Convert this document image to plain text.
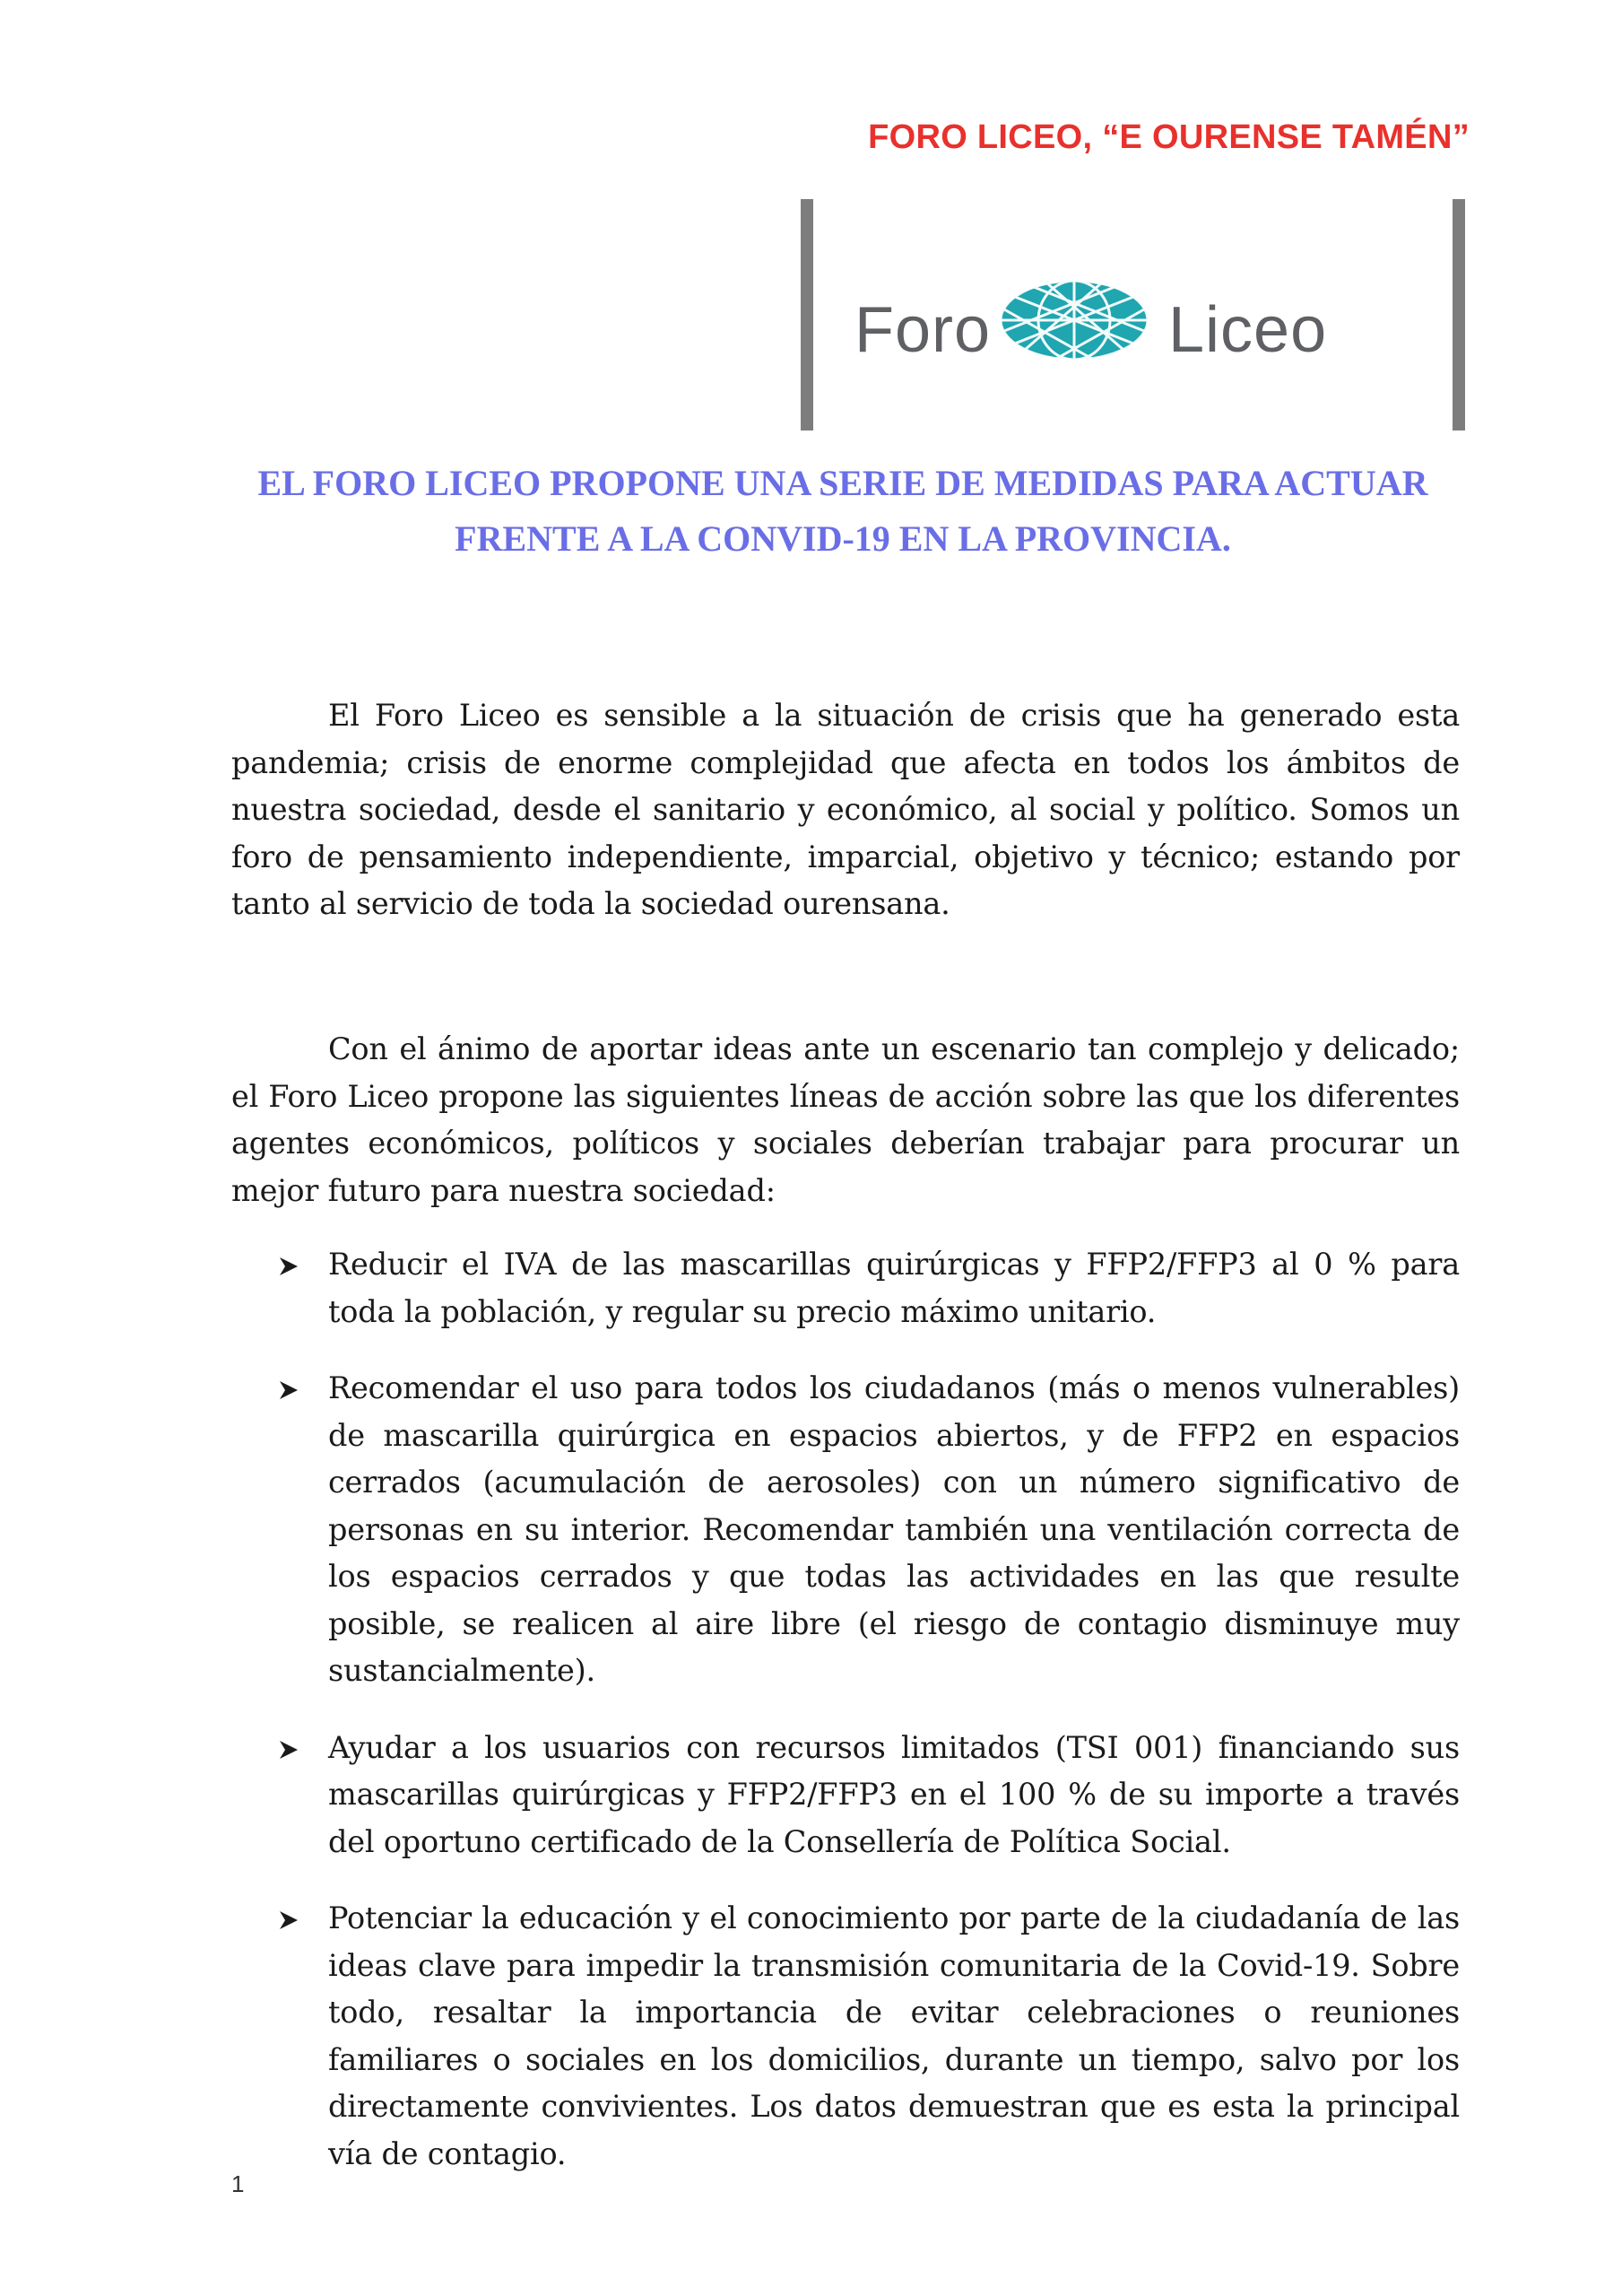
FORO LICEO, “E OURENSE TAMÉN”
Foro	Liceo
EL FORO LICEO PROPONE UNA SERIE DE MEDIDAS PARA ACTUAR
FRENTE A LA CONVID-19 EN LA PROVINCIA.

El Foro Liceo es sensible a la situación de crisis que ha generado esta pandemia; crisis de enorme complejidad que afecta en todos los ámbitos de nuestra sociedad, desde el sanitario y económico, al social y político. Somos un foro de pensamiento independiente, imparcial, objetivo y técnico; estando por tanto al servicio de toda la sociedad ourensana.

Con el ánimo de aportar ideas ante un escenario tan complejo y delicado; el Foro Liceo propone las siguientes líneas de acción sobre las que los diferentes agentes económicos, políticos y sociales deberían trabajar para procurar un mejor futuro para nuestra sociedad:

Reducir el IVA de las mascarillas quirúrgicas y FFP2/FFP3 al 0 % para toda la población, y regular su precio máximo unitario.
Recomendar el uso para todos los ciudadanos (más o menos vulnerables) de mascarilla quirúrgica en espacios abiertos, y de FFP2 en espacios cerrados (acumulación de aerosoles) con un número significativo de personas en su interior. Recomendar también una ventilación correcta de los espacios cerrados y que todas las actividades en las que resulte posible, se realicen al aire libre (el riesgo de contagio disminuye muy sustancialmente).
Ayudar a los usuarios con recursos limitados (TSI 001) financiando sus mascarillas quirúrgicas y FFP2/FFP3 en el 100 % de su importe a través del oportuno certificado de la Consellería de Política Social.
Potenciar la educación y el conocimiento por parte de la ciudadanía de las ideas clave para impedir la transmisión comunitaria de la Covid-19. Sobre todo, resaltar la importancia de evitar celebraciones o reuniones familiares o sociales en los domicilios, durante un tiempo, salvo por los directamente convivientes. Los datos demuestran que es esta la principal vía de contagio.
1
